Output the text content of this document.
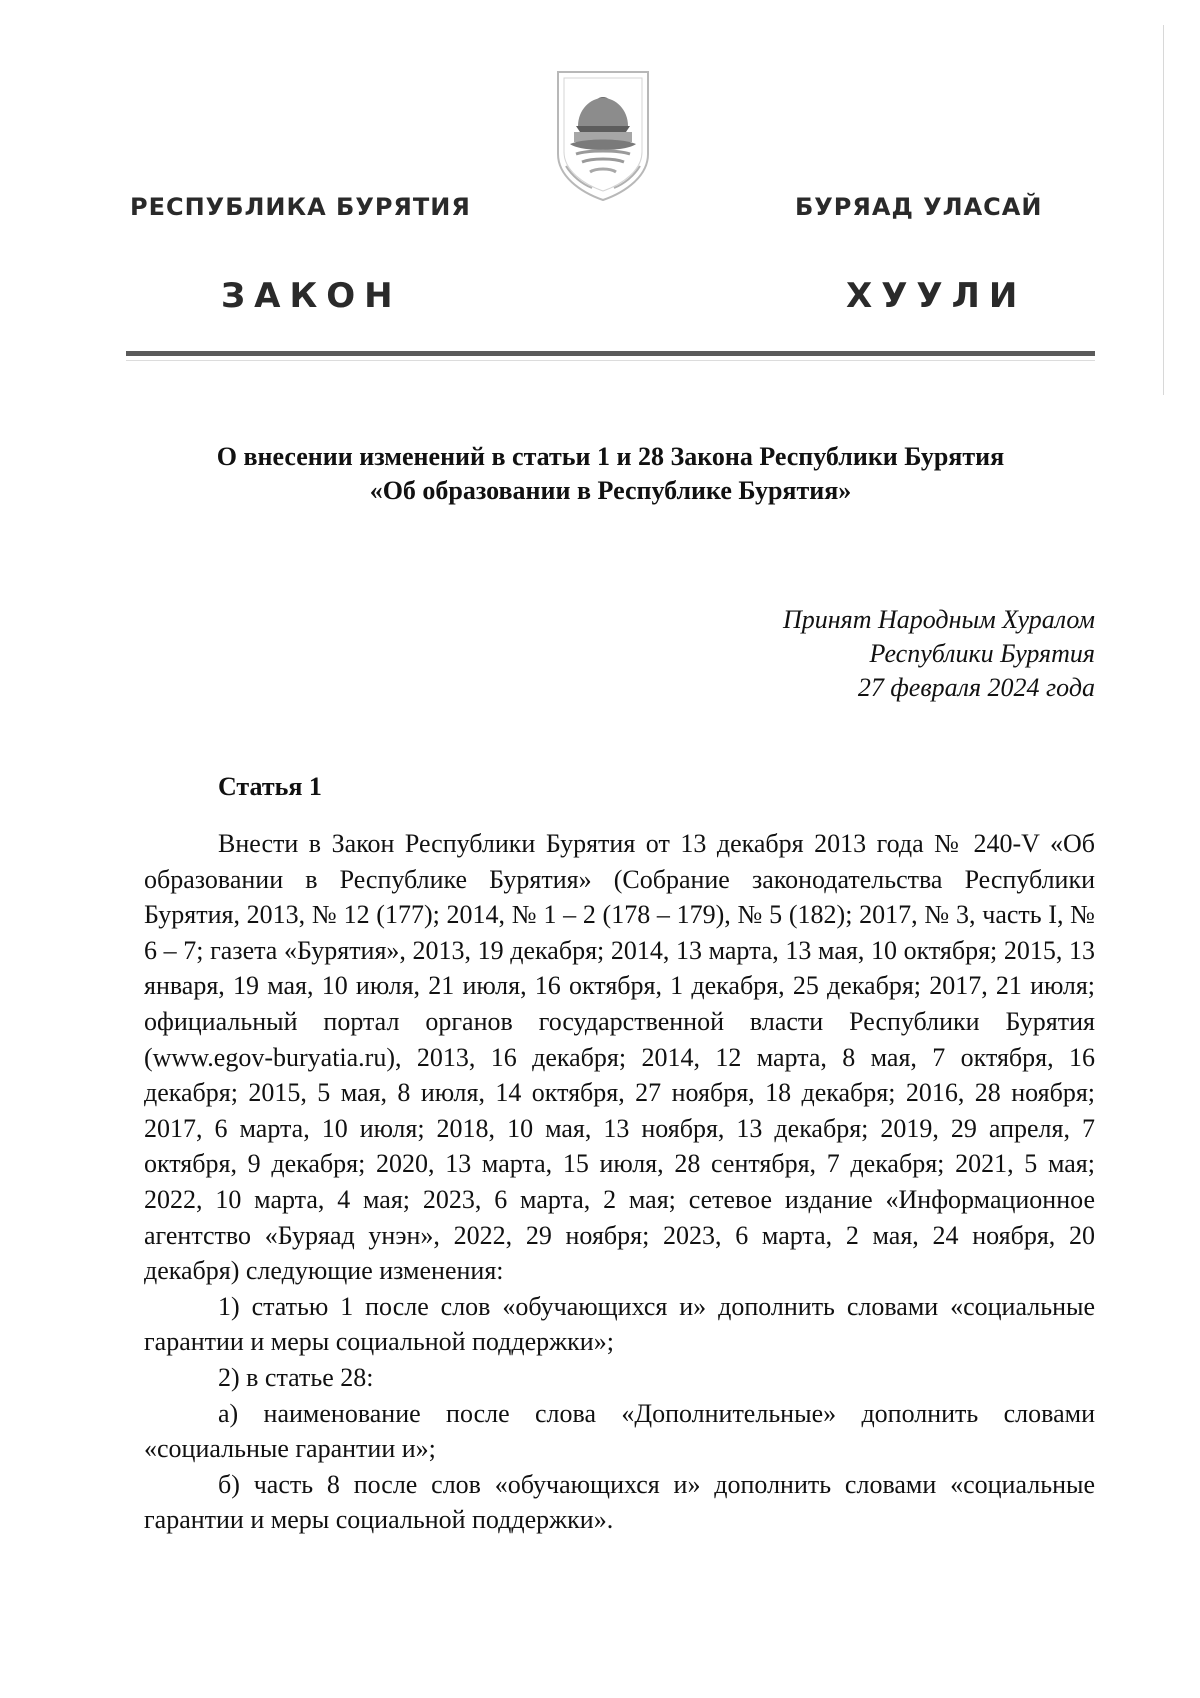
РЕСПУБЛИКА БУРЯТИЯ	БУРЯАД УЛАСАЙ
ЗАКОН	ХУУЛИ
О внесении изменений в статьи 1 и 28 Закона Республики Бурятия
«Об образовании в Республике Бурятия»
Принят Народным Хуралом
Республики Бурятия
27 февраля 2024 года
Статья 1

Внести в Закон Республики Бурятия от 13 декабря 2013 года № 240-V «Об образовании в Республике Бурятия» (Собрание законодательства Республики Бурятия, 2013, № 12 (177); 2014, № 1 – 2 (178 – 179), № 5 (182); 2017, № 3, часть I, № 6 – 7; газета «Бурятия», 2013, 19 декабря; 2014, 13 марта, 13 мая, 10 октября; 2015, 13 января, 19 мая, 10 июля, 21 июля, 16 октября, 1 декабря, 25 декабря; 2017, 21 июля; официальный портал органов государственной власти Республики Бурятия (www.egov-buryatia.ru), 2013, 16 декабря; 2014, 12 марта, 8 мая, 7 октября, 16 декабря; 2015, 5 мая, 8 июля, 14 октября, 27 ноября, 18 декабря; 2016, 28 ноября; 2017, 6 марта, 10 июля; 2018, 10 мая, 13 ноября, 13 декабря; 2019, 29 апреля, 7 октября, 9 декабря; 2020, 13 марта, 15 июля, 28 сентября, 7 декабря; 2021, 5 мая; 2022, 10 марта, 4 мая; 2023, 6 марта, 2 мая; сетевое издание «Информационное агентство «Буряад унэн», 2022, 29 ноября; 2023, 6 марта, 2 мая, 24 ноября, 20 декабря) следующие изменения:

1) статью 1 после слов «обучающихся и» дополнить словами «социальные гарантии и меры социальной поддержки»;

2) в статье 28:

а) наименование после слова «Дополнительные» дополнить словами «социальные гарантии и»;

б) часть 8 после слов «обучающихся и» дополнить словами «социальные гарантии и меры социальной поддержки».
